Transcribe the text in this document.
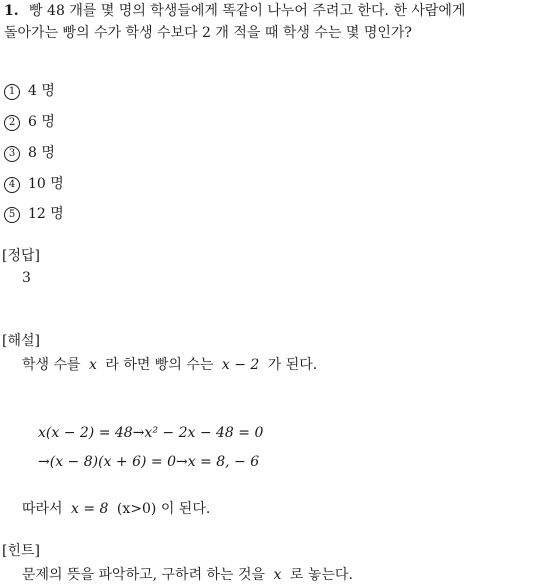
1. 빵 48 개를 몇 명의 학생들에게 똑같이 나누어 주려고 한다. 한 사람에게
돌아가는 빵의 수가 학생 수보다 2 개 적을 때 학생 수는 몇 명인가?
1 4 명
2 6 명
3 8 명
4 10 명
5 12 명
[정답]
3
[해설]
학생 수를 x 라 하면 빵의 수는 x − 2 가 된다.
x(x − 2) = 48→x² − 2x − 48 = 0
→(x − 8)(x + 6) = 0→x = 8, − 6
따라서 x = 8 (x>0) 이 된다.
[힌트]
문제의 뜻을 파악하고, 구하려 하는 것을 x 로 놓는다.
